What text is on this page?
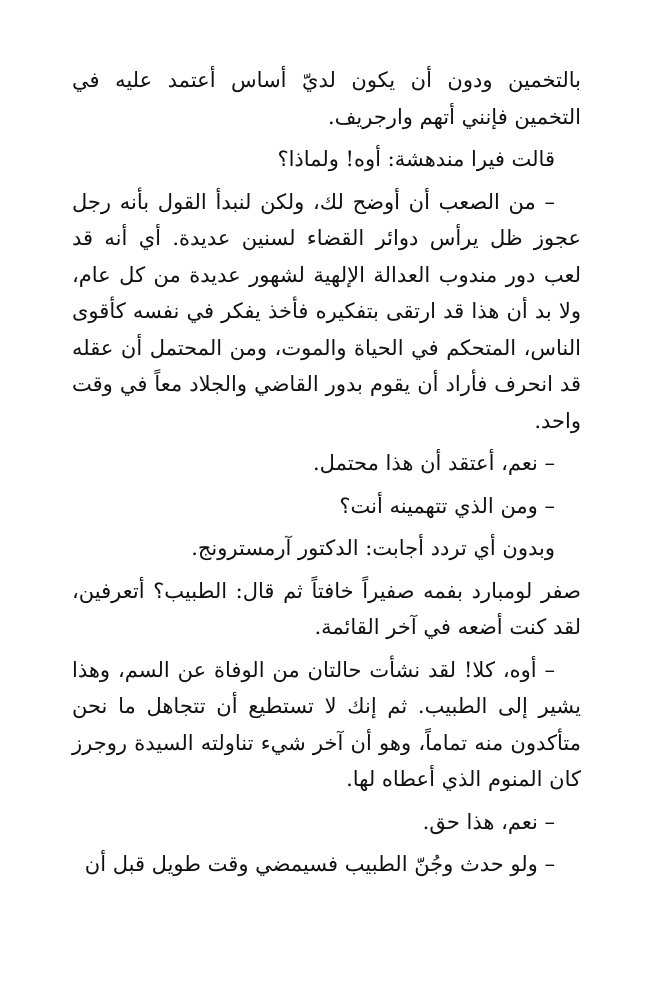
بالتخمين ودون أن يكون لديّ أساس أعتمد عليه في التخمين فإنني أتهم وارجريف.

قالت فيرا مندهشة: أوه! ولماذا؟

– من الصعب أن أوضح لك، ولكن لنبدأ القول بأنه رجل عجوز ظل يرأس دوائر القضاء لسنين عديدة. أي أنه قد لعب دور مندوب العدالة الإلهية لشهور عديدة من كل عام، ولا بد أن هذا قد ارتقى بتفكيره فأخذ يفكر في نفسه كأقوى الناس، المتحكم في الحياة والموت، ومن المحتمل أن عقله قد انحرف فأراد أن يقوم بدور القاضي والجلاد معاً في وقت واحد.

– نعم، أعتقد أن هذا محتمل.

– ومن الذي تتهمينه أنت؟

وبدون أي تردد أجابت: الدكتور آرمسترونج.

صفر لومبارد بفمه صفيراً خافتاً ثم قال: الطبيب؟ أتعرفين، لقد كنت أضعه في آخر القائمة.

– أوه، كلا! لقد نشأت حالتان من الوفاة عن السم، وهذا يشير إلى الطبيب. ثم إنك لا تستطيع أن تتجاهل ما نحن متأكدون منه تماماً، وهو أن آخر شيء تناولته السيدة روجرز كان المنوم الذي أعطاه لها.

– نعم، هذا حق.

– ولو حدث وجُنّ الطبيب فسيمضي وقت طويل قبل أن
